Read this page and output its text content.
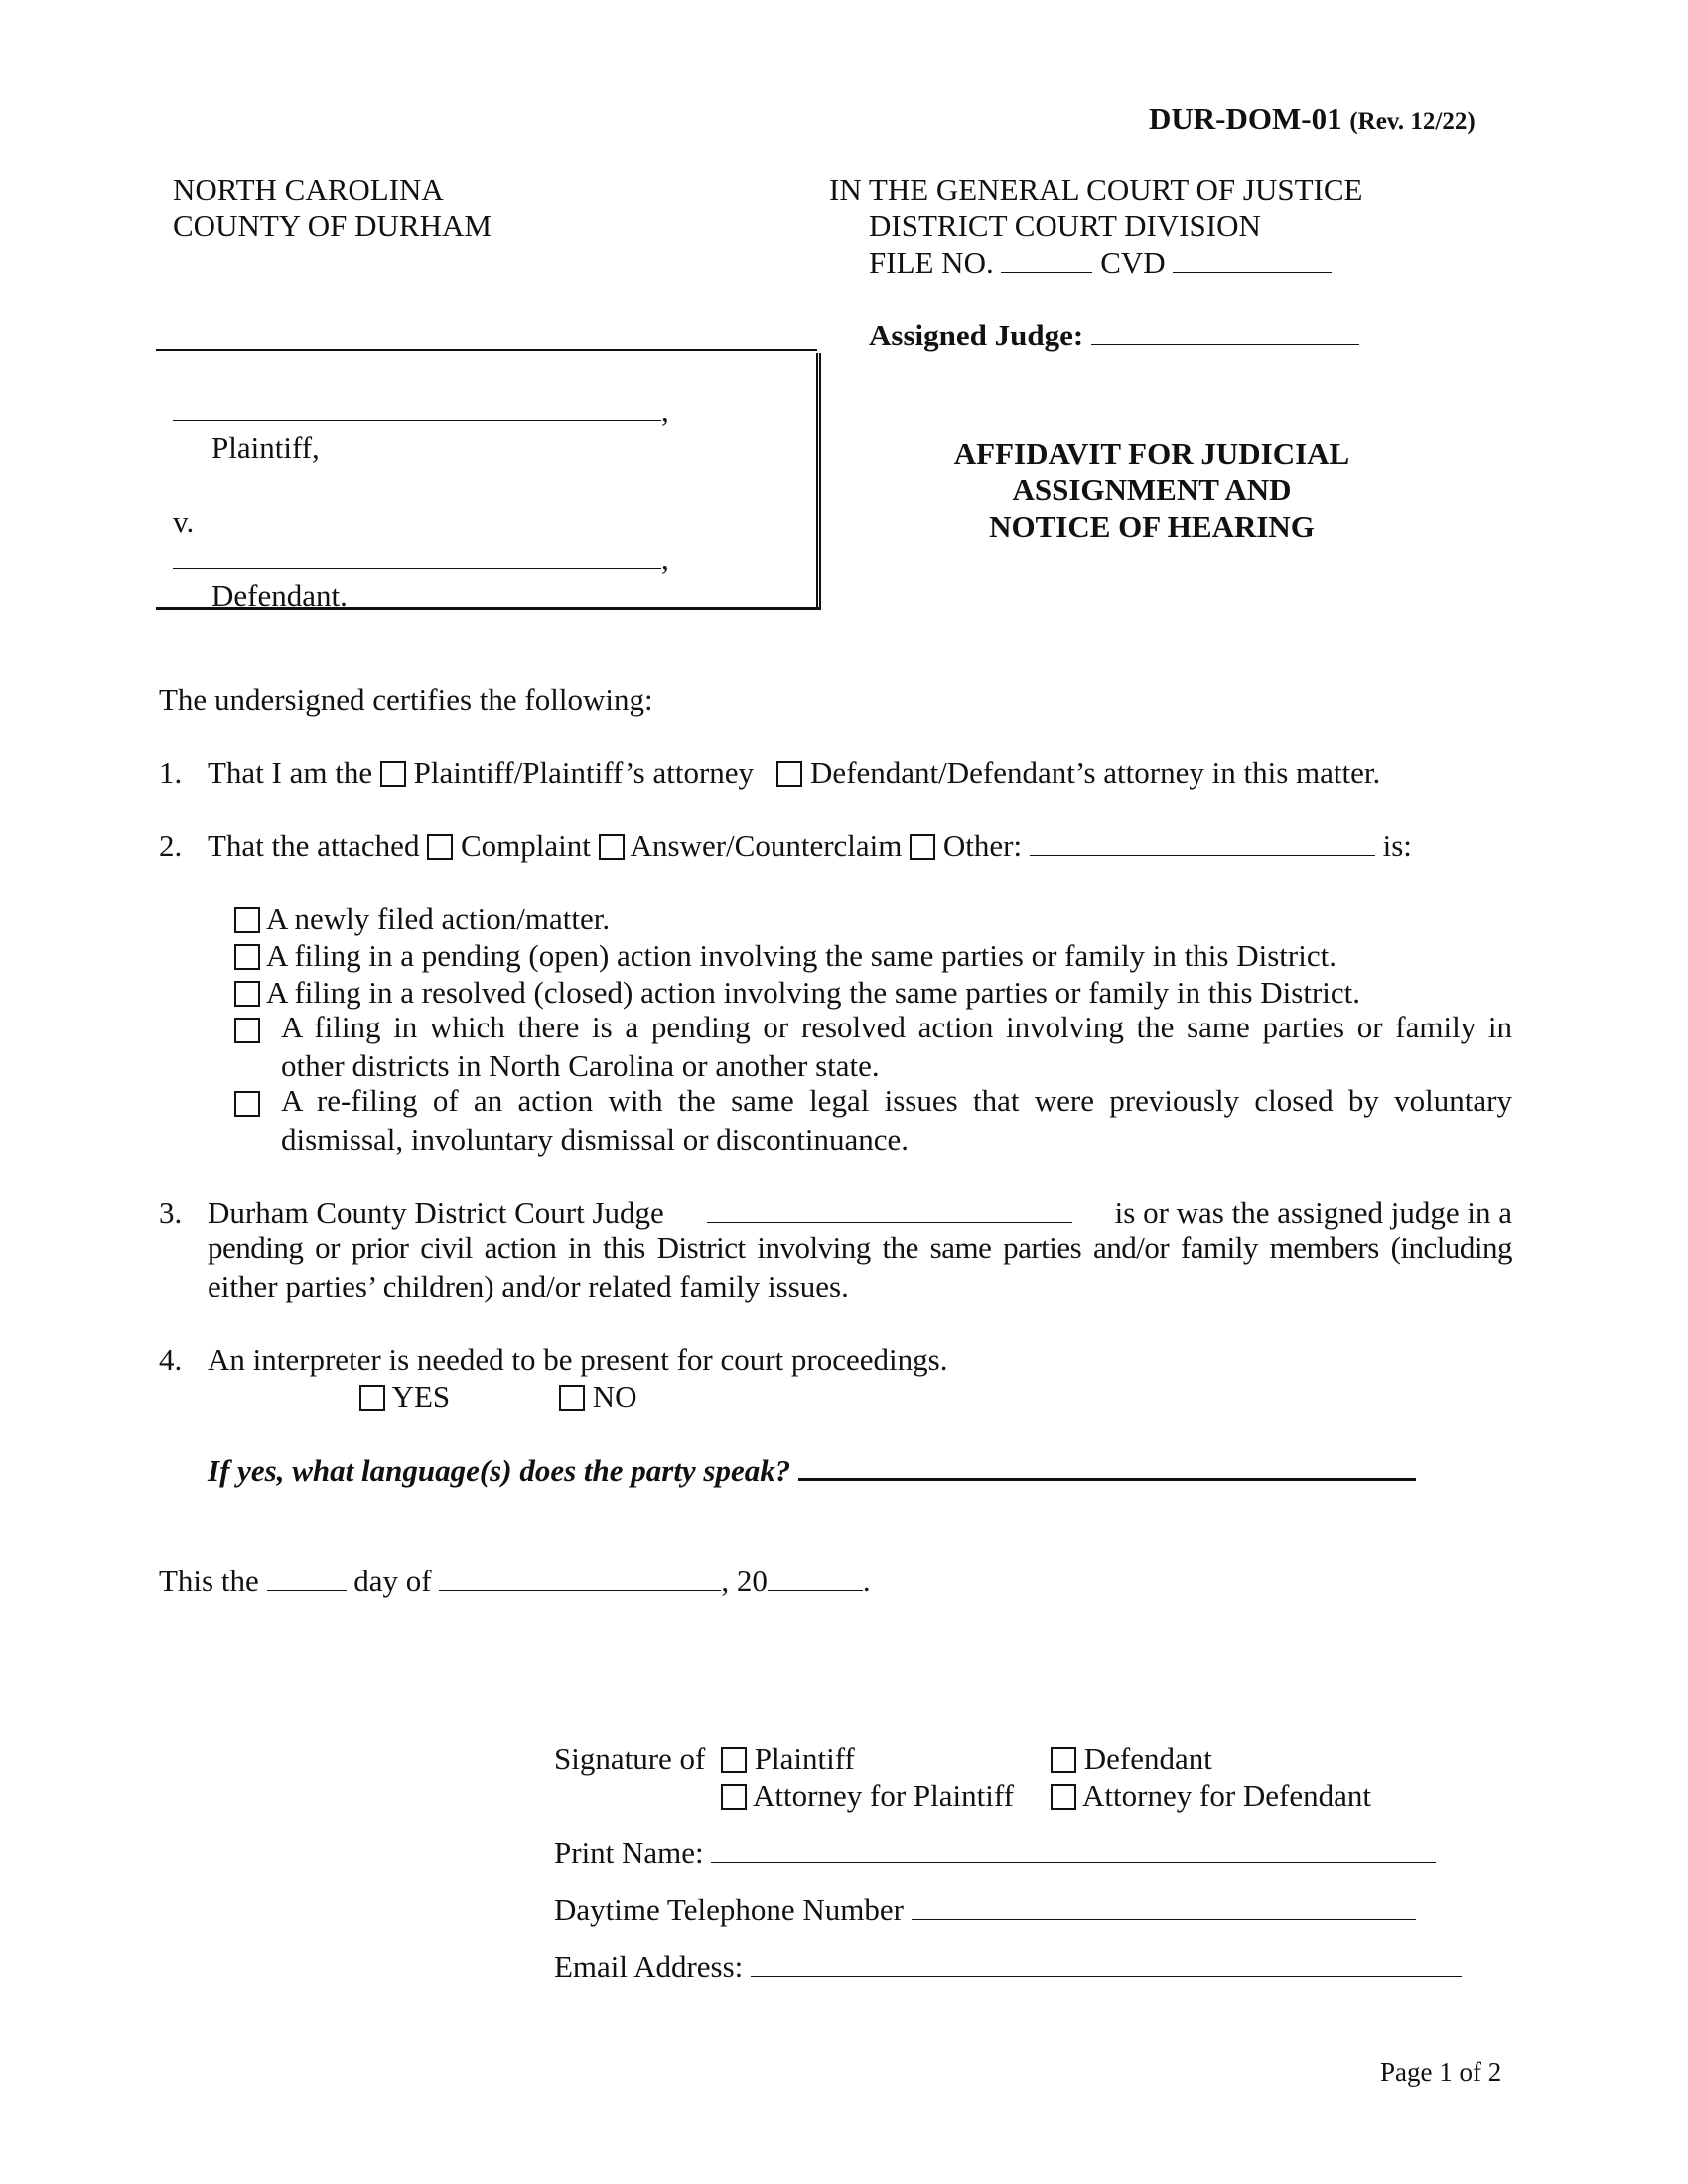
DUR-DOM-01 (Rev. 12/22)
NORTH CAROLINA
COUNTY OF DURHAM
IN THE GENERAL COURT OF JUSTICE
DISTRICT COURT DIVISION
FILE NO.	CVD
Assigned Judge:
,
Plaintiff,
v.
,
Defendant.
AFFIDAVIT FOR JUDICIAL
ASSIGNMENT AND
NOTICE OF HEARING
The undersigned certifies the following:
1. That I am the Plaintiff/Plaintiff’s attorney Defendant/Defendant’s attorney in this matter.
2. That the attached Complaint Answer/Counterclaim Other:	is:
A newly filed action/matter.
A filing in a pending (open) action involving the same parties or family in this District.
A filing in a resolved (closed) action involving the same parties or family in this District.
A filing in which there is a pending or resolved action involving the same parties or family in
other districts in North Carolina or another state.
A re-filing of an action with the same legal issues that were previously closed by voluntary
dismissal, involuntary dismissal or discontinuance.
3. Durham County District Court Judge	is or was the assigned judge in a
pending or prior civil action in this District involving the same parties and/or family members (including
either parties’ children) and/or related family issues.
4. An interpreter is needed to be present for court proceedings.
YES	NO
If yes, what language(s) does the party speak?
This the	day of	, 20	.
Signature of	Plaintiff	Defendant
Attorney for Plaintiff	Attorney for Defendant
Print Name:
Daytime Telephone Number
Email Address:
Page 1 of 2
